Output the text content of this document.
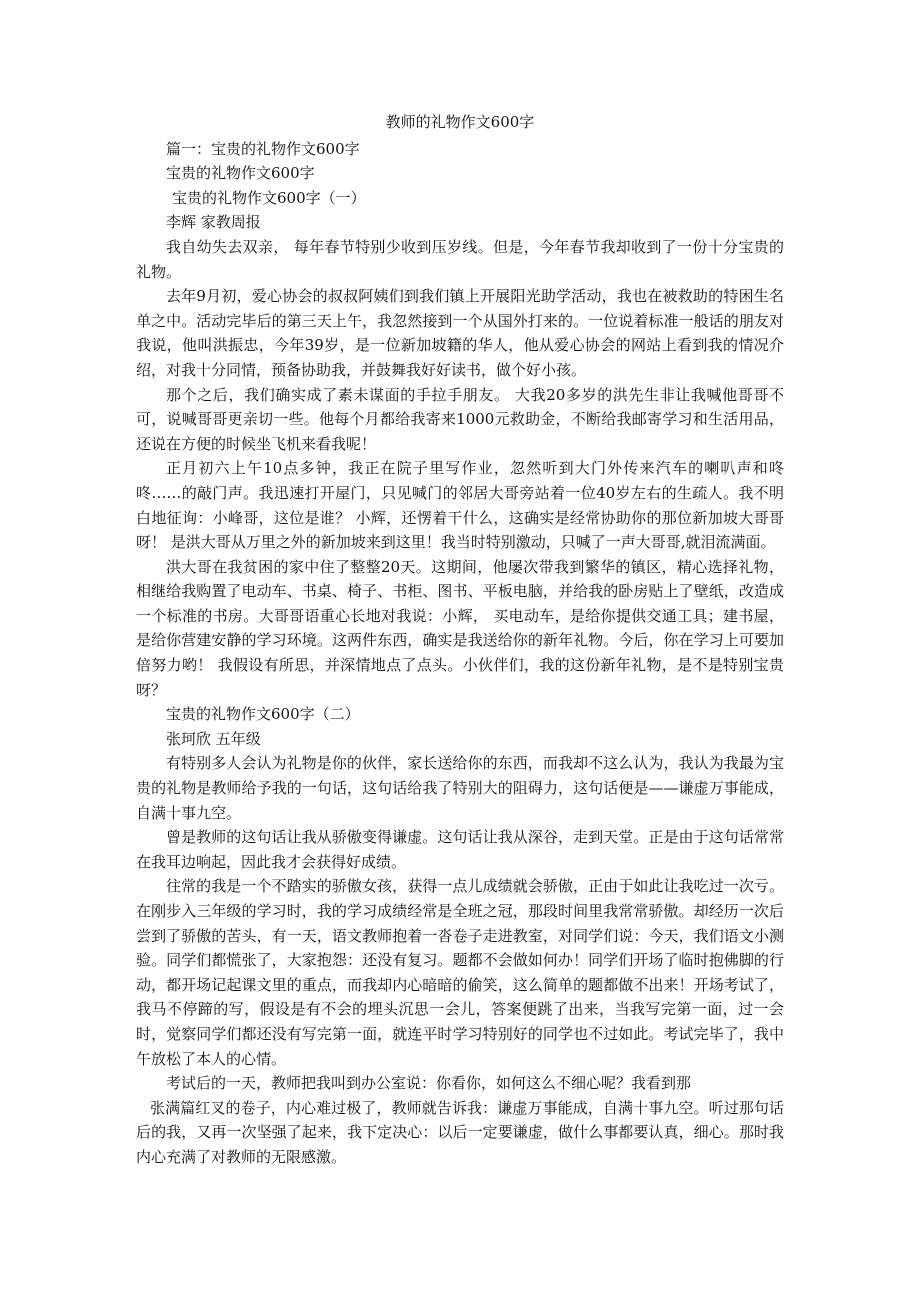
教师的礼物作文600字

篇一：宝贵的礼物作文600字

宝贵的礼物作文600字

宝贵的礼物作文600字（一）

李辉 家教周报

我自幼失去双亲， 每年春节特别少收到压岁线。但是，今年春节我却收到了一份十分宝贵的礼物。

去年9月初，爱心协会的叔叔阿姨们到我们镇上开展阳光助学活动，我也在被救助的特困生名单之中。活动完毕后的第三天上午，我忽然接到一个从国外打来的。一位说着标准一般话的朋友对我说，他叫洪振忠，今年39岁，是一位新加坡籍的华人，他从爱心协会的网站上看到我的情况介绍，对我十分同情，预备协助我，并鼓舞我好好读书，做个好小孩。

那个之后，我们确实成了素未谋面的手拉手朋友。 大我20多岁的洪先生非让我喊他哥哥不可，说喊哥哥更亲切一些。他每个月都给我寄来1000元救助金，不断给我邮寄学习和生活用品，还说在方便的时候坐飞机来看我呢！

正月初六上午10点多钟，我正在院子里写作业，忽然听到大门外传来汽车的喇叭声和咚咚……的敲门声。我迅速打开屋门，只见喊门的邻居大哥旁站着一位40岁左右的生疏人。我不明白地征询：小峰哥，这位是谁？ 小辉，还愣着干什么，这确实是经常协助你的那位新加坡大哥哥呀！ 是洪大哥从万里之外的新加坡来到这里！我当时特别激动，只喊了一声大哥哥,就泪流满面。

洪大哥在我贫困的家中住了整整20天。这期间，他屡次带我到繁华的镇区，精心选择礼物，相继给我购置了电动车、书桌、椅子、书柜、图书、平板电脑，并给我的卧房贴上了壁纸，改造成一个标准的书房。大哥哥语重心长地对我说：小辉， 买电动车，是给你提供交通工具；建书屋，是给你营建安静的学习环境。这两件东西，确实是我送给你的新年礼物。今后，你在学习上可要加倍努力哟！ 我假设有所思，并深情地点了点头。小伙伴们，我的这份新年礼物，是不是特别宝贵呀？

宝贵的礼物作文600字（二）

张珂欣 五年级

有特别多人会认为礼物是你的伙伴，家长送给你的东西，而我却不这么认为，我认为我最为宝贵的礼物是教师给予我的一句话，这句话给我了特别大的阻碍力，这句话便是——谦虚万事能成，自满十事九空。

曾是教师的这句话让我从骄傲变得谦虚。这句话让我从深谷，走到天堂。正是由于这句话常常在我耳边响起，因此我才会获得好成绩。

往常的我是一个不踏实的骄傲女孩，获得一点儿成绩就会骄傲，正由于如此让我吃过一次亏。在刚步入三年级的学习时，我的学习成绩经常是全班之冠，那段时间里我常常骄傲。却经历一次后尝到了骄傲的苦头，有一天，语文教师抱着一沓卷子走进教室，对同学们说：今天，我们语文小测验。同学们都慌张了，大家抱怨：还没有复习。题都不会做如何办！同学们开场了临时抱佛脚的行动，都开场记起课文里的重点，而我却内心暗暗的偷笑，这么简单的题都做不出来！开场考试了，我马不停蹄的写，假设是有不会的埋头沉思一会儿，答案便跳了出来，当我写完第一面，过一会时，觉察同学们都还没有写完第一面，就连平时学习特别好的同学也不过如此。考试完毕了，我中午放松了本人的心情。

考试后的一天，教师把我叫到办公室说：你看你，如何这么不细心呢？我看到那

张满篇红叉的卷子，内心难过极了，教师就告诉我：谦虚万事能成，自满十事九空。听过那句话后的我，又再一次坚强了起来，我下定决心：以后一定要谦虚，做什么事都要认真，细心。那时我内心充满了对教师的无限感激。
